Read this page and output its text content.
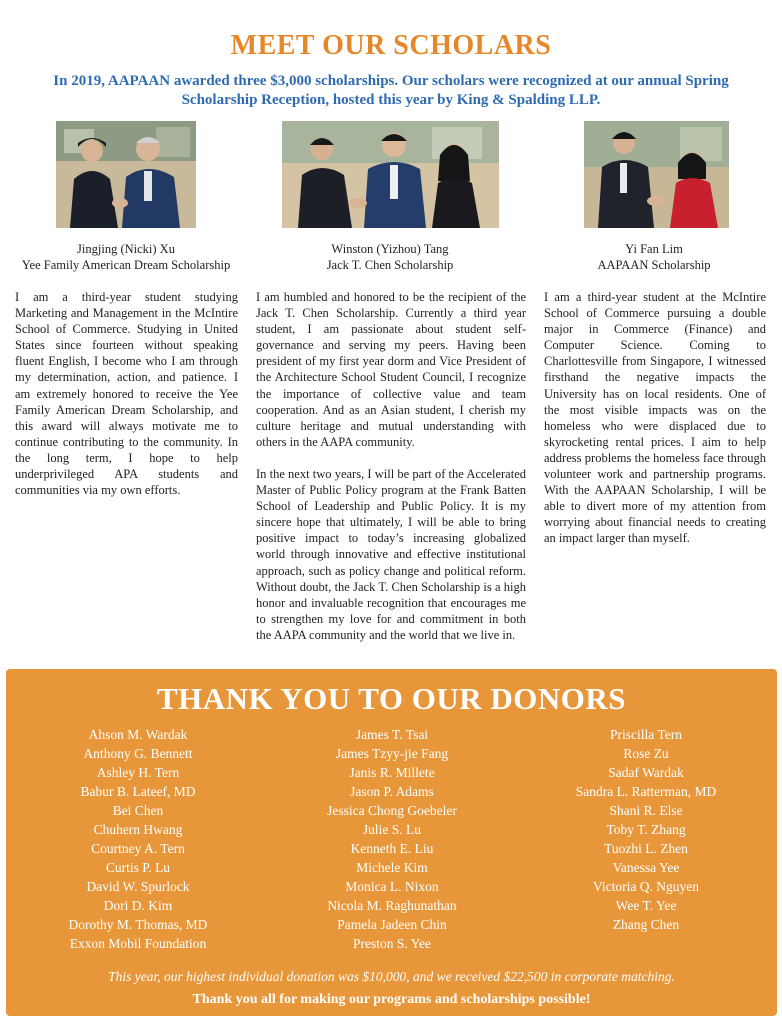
MEET OUR SCHOLARS
In 2019, AAPAAN awarded three $3,000 scholarships. Our scholars were recognized at our annual Spring Scholarship Reception, hosted this year by King & Spalding LLP.
Jingjing (Nicki) Xu
Yee Family American Dream Scholarship
Winston (Yizhou) Tang
Jack T. Chen Scholarship
Yi Fan Lim
AAPAAN Scholarship

I am a third-year student studying Marketing and Management in the McIntire School of Commerce. Studying in United States since fourteen without speaking fluent English, I become who I am through my determination, action, and patience. I am extremely honored to receive the Yee Family American Dream Scholarship, and this award will always motivate me to continue contributing to the community. In the long term, I hope to help underprivileged APA students and communities via my own efforts.

I am humbled and honored to be the recipient of the Jack T. Chen Scholarship. Currently a third year student, I am passionate about student self-governance and serving my peers. Having been president of my first year dorm and Vice President of the Architecture School Student Council, I recognize the importance of collective value and team cooperation. And as an Asian student, I cherish my culture heritage and mutual understanding with others in the AAPA community.

In the next two years, I will be part of the Accelerated Master of Public Policy program at the Frank Batten School of Leadership and Public Policy. It is my sincere hope that ultimately, I will be able to bring positive impact to today’s increasing globalized world through innovative and effective institutional approach, such as policy change and political reform. Without doubt, the Jack T. Chen Scholarship is a high honor and invaluable recognition that encourages me to strengthen my love for and commitment in both the AAPA community and the world that we live in.

I am a third-year student at the McIntire School of Commerce pursuing a double major in Commerce (Finance) and Computer Science. Coming to Charlottesville from Singapore, I witnessed firsthand the negative impacts the University has on local residents. One of the most visible impacts was on the homeless who were displaced due to skyrocketing rental prices. I aim to help address problems the homeless face through volunteer work and partnership programs. With the AAPAAN Scholarship, I will be able to divert more of my attention from worrying about financial needs to creating an impact larger than myself.

THANK YOU TO OUR DONORS
Ahson M. Wardak
Anthony G. Bennett
Ashley H. Tern
Babur B. Lateef, MD
Bei Chen
Chuhern Hwang
Courtney A. Tern
Curtis P. Lu
David W. Spurlock
Dori D. Kim
Dorothy M. Thomas, MD
Exxon Mobil Foundation
James T. Tsai
James Tzyy-jie Fang
Janis R. Millete
Jason P. Adams
Jessica Chong Goebeler
Julie S. Lu
Kenneth E. Liu
Michele Kim
Monica L. Nixon
Nicola M. Raghunathan
Pamela Jadeen Chin
Preston S. Yee
Priscilla Tern
Rose Zu
Sadaf Wardak
Sandra L. Ratterman, MD
Shani R. Else
Toby T. Zhang
Tuozhi L. Zhen
Vanessa Yee
Victoria Q. Nguyen
Wee T. Yee
Zhang Chen
This year, our highest individual donation was $10,000, and we received $22,500 in corporate matching.
Thank you all for making our programs and scholarships possible!
